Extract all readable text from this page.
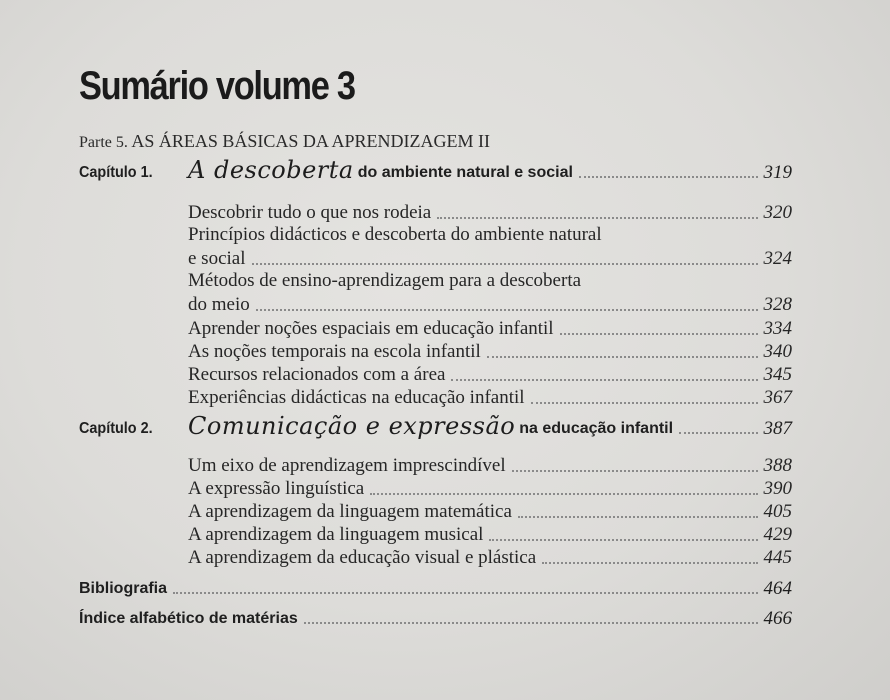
Sumário volume 3
Parte 5. AS ÁREAS BÁSICAS DA APRENDIZAGEM II
Capítulo 1.	A descoberta do ambiente natural e social	319
Descobrir tudo o que nos rodeia	320
Princípios didácticos e descoberta do ambiente natural
e social	324
Métodos de ensino-aprendizagem para a descoberta
do meio	328
Aprender noções espaciais em educação infantil	334
As noções temporais na escola infantil	340
Recursos relacionados com a área	345
Experiências didácticas na educação infantil	367
Capítulo 2.	Comunicação e expressão na educação infantil	387
Um eixo de aprendizagem imprescindível	388
A expressão linguística	390
A aprendizagem da linguagem matemática	405
A aprendizagem da linguagem musical	429
A aprendizagem da educação visual e plástica	445
Bibliografia	464
Índice alfabético de matérias	466
